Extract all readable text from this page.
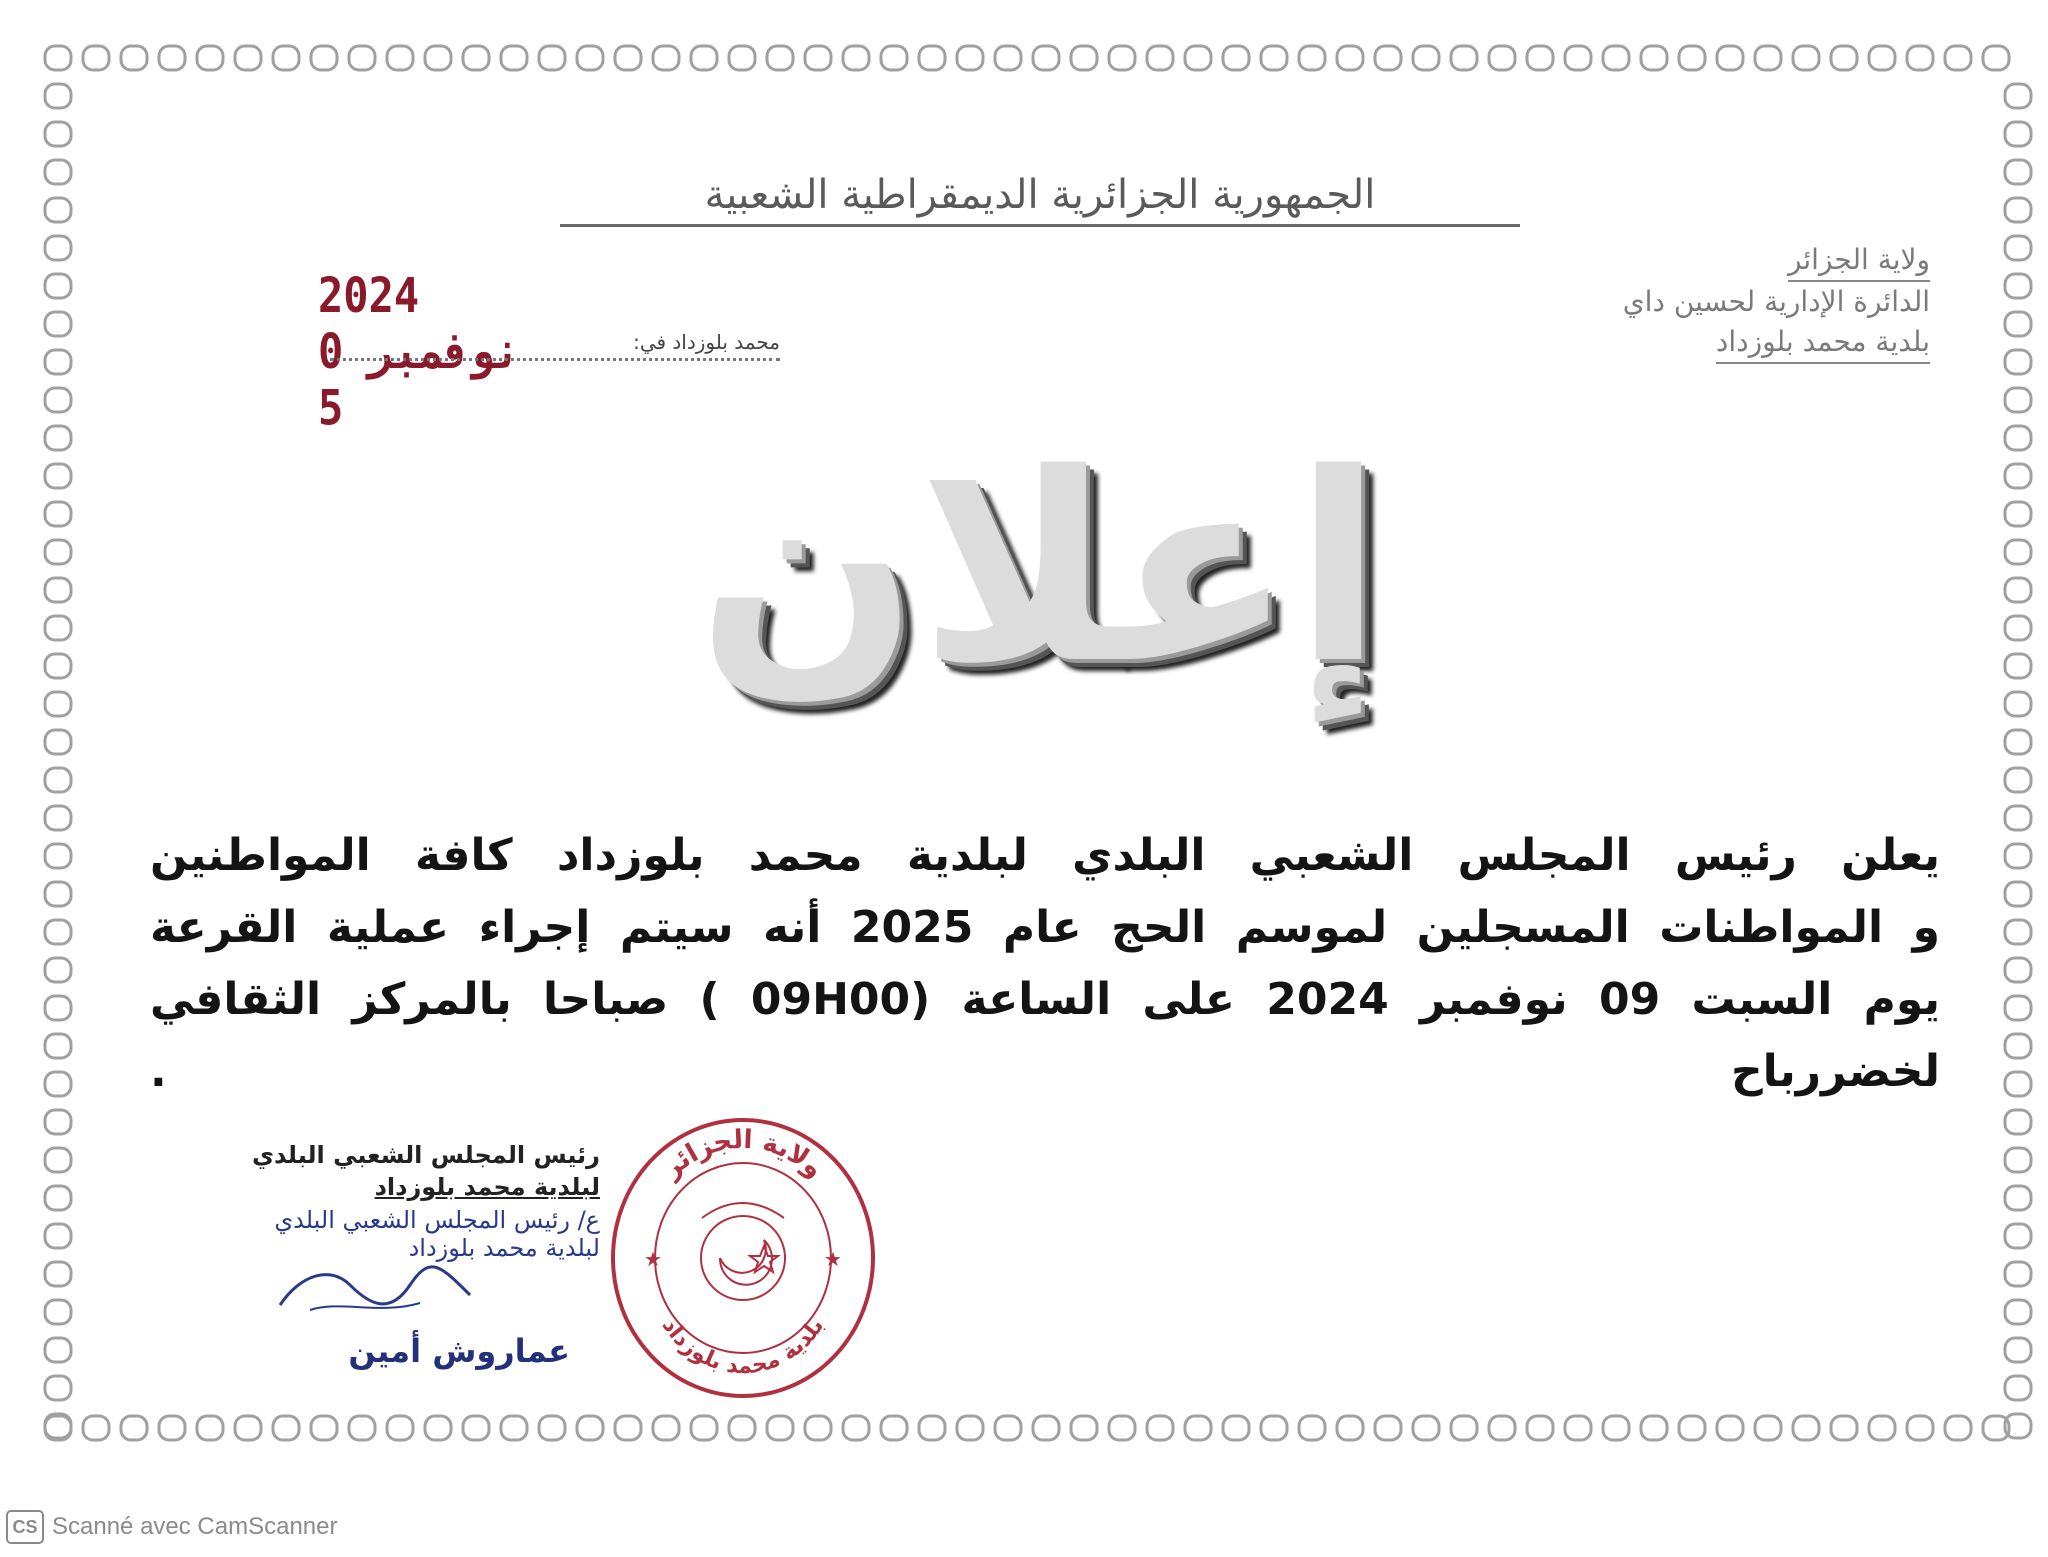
الجمهورية الجزائرية الديمقراطية الشعبية
ولاية الجزائر
الدائرة الإدارية لحسين داي
بلدية محمد بلوزداد
2024 نوفمبر 0 5
محمد بلوزداد في:
إعلان

يعلن رئيس المجلس الشعبي البلدي لبلدية محمد بلوزداد كافة المواطنين

و المواطنات المسجلين لموسم الحج عام 2025 أنه سيتم إجراء عملية القرعة

يوم السبت 09 نوفمبر 2024 على الساعة (09H00 ) صباحا بالمركز الثقافي لخضررباح .

رئيس المجلس الشعبي البلدي
لبلدية محمد بلوزداد
ع/ رئيس المجلس الشعبي البلدي
لبلدية محمد بلوزداد
عماروش أمين
ولاية الجزائر
بلدية محمد بلوزداد
★	★
CS Scanné avec CamScanner
